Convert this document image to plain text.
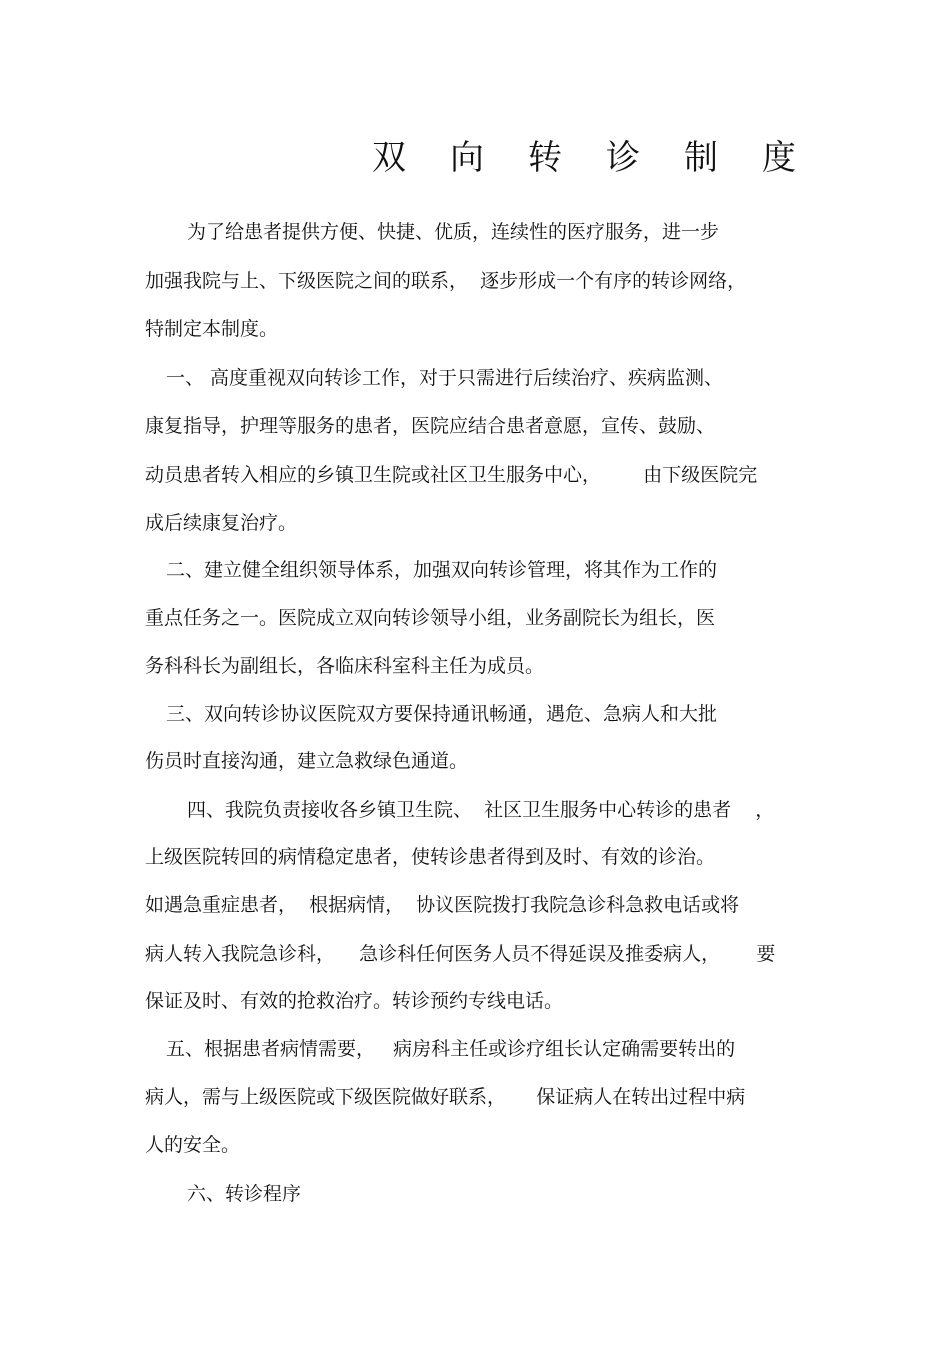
双向转诊制度
为了给患者提供方便、快捷、优质，连续性的医疗服务，进一步
加强我院与上、下级医院之间的联系，  逐步形成一个有序的转诊网络，
特制定本制度。
一、 高度重视双向转诊工作，对于只需进行后续治疗、疾病监测、
康复指导，护理等服务的患者，医院应结合患者意愿，宣传、鼓励、
动员患者转入相应的乡镇卫生院或社区卫生服务中心，       由下级医院完
成后续康复治疗。
二、建立健全组织领导体系，加强双向转诊管理，将其作为工作的
重点任务之一。医院成立双向转诊领导小组，业务副院长为组长，医
务科科长为副组长，各临床科室科主任为成员。
三、双向转诊协议医院双方要保持通讯畅通，遇危、急病人和大批
伤员时直接沟通，建立急救绿色通道。
四、我院负责接收各乡镇卫生院、  社区卫生服务中心转诊的患者    ，
上级医院转回的病情稳定患者，使转诊患者得到及时、有效的诊治。
如遇急重症患者，  根据病情，  协议医院拨打我院急诊科急救电话或将
病人转入我院急诊科，    急诊科任何医务人员不得延误及推委病人，      要
保证及时、有效的抢救治疗。转诊预约专线电话。
五、根据患者病情需要，   病房科主任或诊疗组长认定确需要转出的
病人，需与上级医院或下级医院做好联系，     保证病人在转出过程中病
人的安全。
六、转诊程序
